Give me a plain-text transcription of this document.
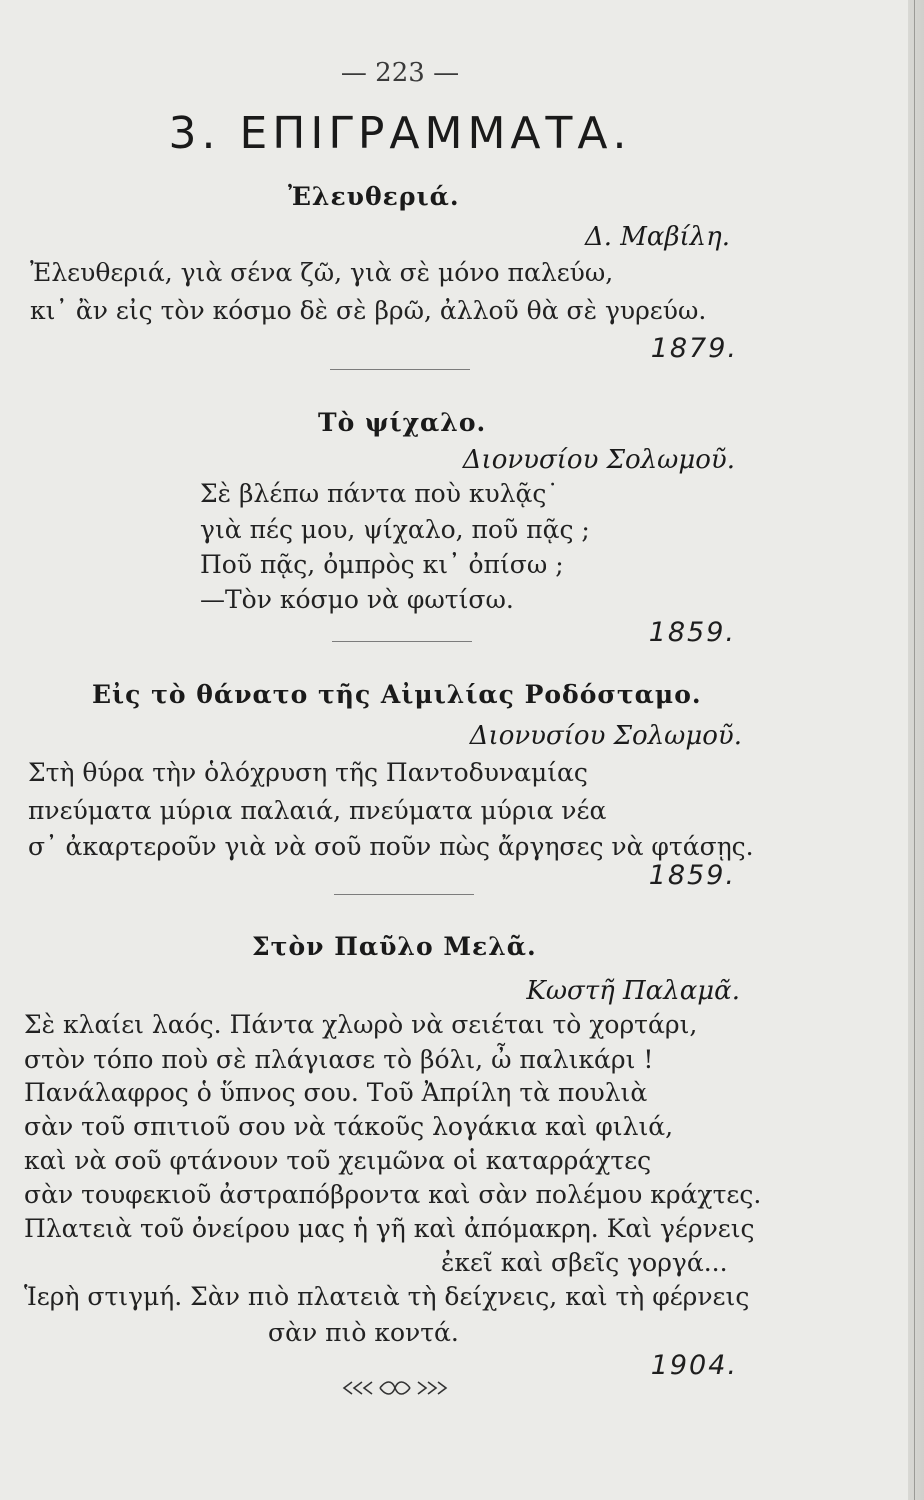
— 223 —
3. ΕΠΙΓΡΑΜΜΑΤΑ.
Ἐλευθεριά.
Δ. Μαβίλη.
Ἐλευθεριά, γιὰ σένα ζῶ, γιὰ σὲ μόνο παλεύω,
κι᾽ ἂν εἰς τὸν κόσμο δὲ σὲ βρῶ, ἀλλοῦ θὰ σὲ γυρεύω.
1879.
Τὸ ψίχαλο.
Διονυσίου Σολωμοῦ.
Σὲ βλέπω πάντα ποὺ κυλᾷς˙
γιὰ πές μου, ψίχαλο, ποῦ πᾷς ;
Ποῦ πᾷς, ὀμπρὸς κι᾽ ὀπίσω ;
—Τὸν κόσμο νὰ φωτίσω.
1859.
Εἰς τὸ θάνατο τῆς Αἰμιλίας Ροδόσταμο.
Διονυσίου Σολωμοῦ.
Στὴ θύρα τὴν ὁλόχρυση τῆς Παντοδυναμίας
πνεύματα μύρια παλαιά, πνεύματα μύρια νέα
σ᾽ ἀκαρτεροῦν γιὰ νὰ σοῦ ποῦν πὼς ἄργησες νὰ φτάσῃς.
1859.
Στὸν Παῦλο Μελᾶ.
Κωστῆ Παλαμᾶ.
Σὲ κλαίει λαός. Πάντα χλωρὸ νὰ σειέται τὸ χορτάρι,
στὸν τόπο ποὺ σὲ πλάγιασε τὸ βόλι, ὦ παλικάρι !
Πανάλαφρος ὁ ὕπνος σου. Τοῦ Ἀπρίλη τὰ πουλιὰ
σὰν τοῦ σπιτιοῦ σου νὰ τάκοῦς λογάκια καὶ φιλιά,
καὶ νὰ σοῦ φτάνουν τοῦ χειμῶνα οἱ καταρράχτες
σὰν τουφεκιοῦ ἀστραπόβροντα καὶ σὰν πολέμου κράχτες.
Πλατειὰ τοῦ ὀνείρου μας ἡ γῆ καὶ ἀπόμακρη. Καὶ γέρνεις
ἐκεῖ καὶ σβεῖς γοργά...
Ἱερὴ στιγμή. Σὰν πιὸ πλατειὰ τὴ δείχνεις, καὶ τὴ φέρνεις
σὰν πιὸ κοντά.
1904.
